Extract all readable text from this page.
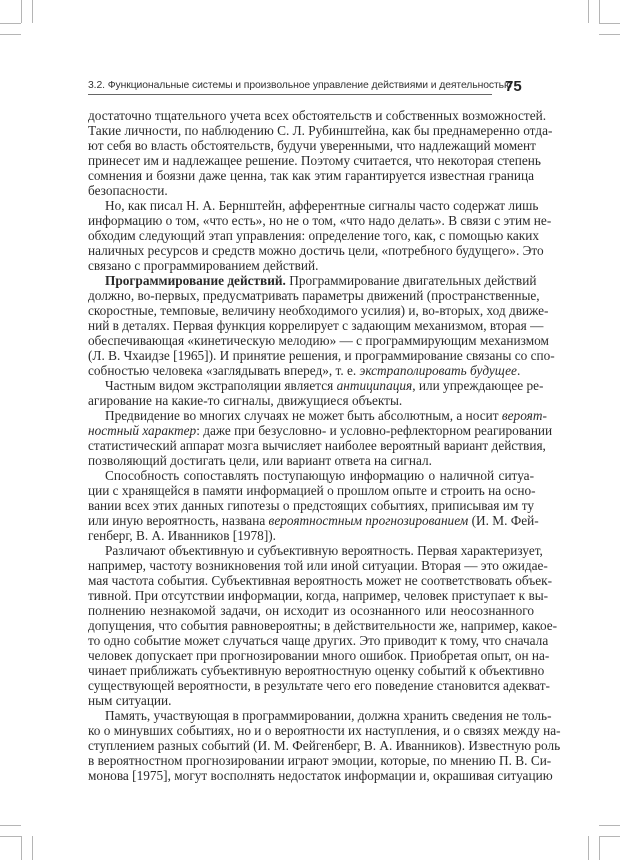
3.2. Функциональные системы и произвольное управление действиями и деятельностью
75
достаточно тщательного учета всех обстоятельств и собственных возможностей.
Такие личности, по наблюдению С. Л. Рубинштейна, как бы преднамеренно отда-
ют себя во власть обстоятельств, будучи уверенными, что надлежащий момент
принесет им и надлежащее решение. Поэтому считается, что некоторая степень
сомнения и боязни даже ценна, так как этим гарантируется известная граница
безопасности.
Но, как писал Н. А. Бернштейн, афферентные сигналы часто содержат лишь
информацию о том, «что есть», но не о том, «что надо делать». В связи с этим не-
обходим следующий этап управления: определение того, как, с помощью каких
наличных ресурсов и средств можно достичь цели, «потребного будущего». Это
связано с программированием действий.
Программирование действий. Программирование двигательных действий
должно, во-первых, предусматривать параметры движений (пространственные,
скоростные, темповые, величину необходимого усилия) и, во-вторых, ход движе-
ний в деталях. Первая функция коррелирует с задающим механизмом, вторая —
обеспечивающая «кинетическую мелодию» — с программирующим механизмом
(Л. В. Чхаидзе [1965]). И принятие решения, и программирование связаны со спо-
собностью человека «заглядывать вперед», т. е. экстраполировать будущее.
Частным видом экстраполяции является антиципация, или упреждающее ре-
агирование на какие-то сигналы, движущиеся объекты.
Предвидение во многих случаях не может быть абсолютным, а носит вероят-
ностный характер: даже при безусловно- и условно-рефлекторном реагировании
статистический аппарат мозга вычисляет наиболее вероятный вариант действия,
позволяющий достигать цели, или вариант ответа на сигнал.
Способность сопоставлять поступающую информацию о наличной ситуа-
ции с хранящейся в памяти информацией о прошлом опыте и строить на осно-
вании всех этих данных гипотезы о предстоящих событиях, приписывая им ту
или иную вероятность, названа вероятностным прогнозированием (И. М. Фей-
генберг, В. А. Иванников [1978]).
Различают объективную и субъективную вероятность. Первая характеризует,
например, частоту возникновения той или иной ситуации. Вторая — это ожидае-
мая частота события. Субъективная вероятность может не соответствовать объек-
тивной. При отсутствии информации, когда, например, человек приступает к вы-
полнению незнакомой задачи, он исходит из осознанного или неосознанного
допущения, что события равновероятны; в действительности же, например, какое-
то одно событие может случаться чаще других. Это приводит к тому, что сначала
человек допускает при прогнозировании много ошибок. Приобретая опыт, он на-
чинает приближать субъективную вероятностную оценку событий к объективно
существующей вероятности, в результате чего его поведение становится адекват-
ным ситуации.
Память, участвующая в программировании, должна хранить сведения не толь-
ко о минувших событиях, но и о вероятности их наступления, и о связях между на-
ступлением разных событий (И. М. Фейгенберг, В. А. Иванников). Известную роль
в вероятностном прогнозировании играют эмоции, которые, по мнению П. В. Си-
монова [1975], могут восполнять недостаток информации и, окрашивая ситуацию
